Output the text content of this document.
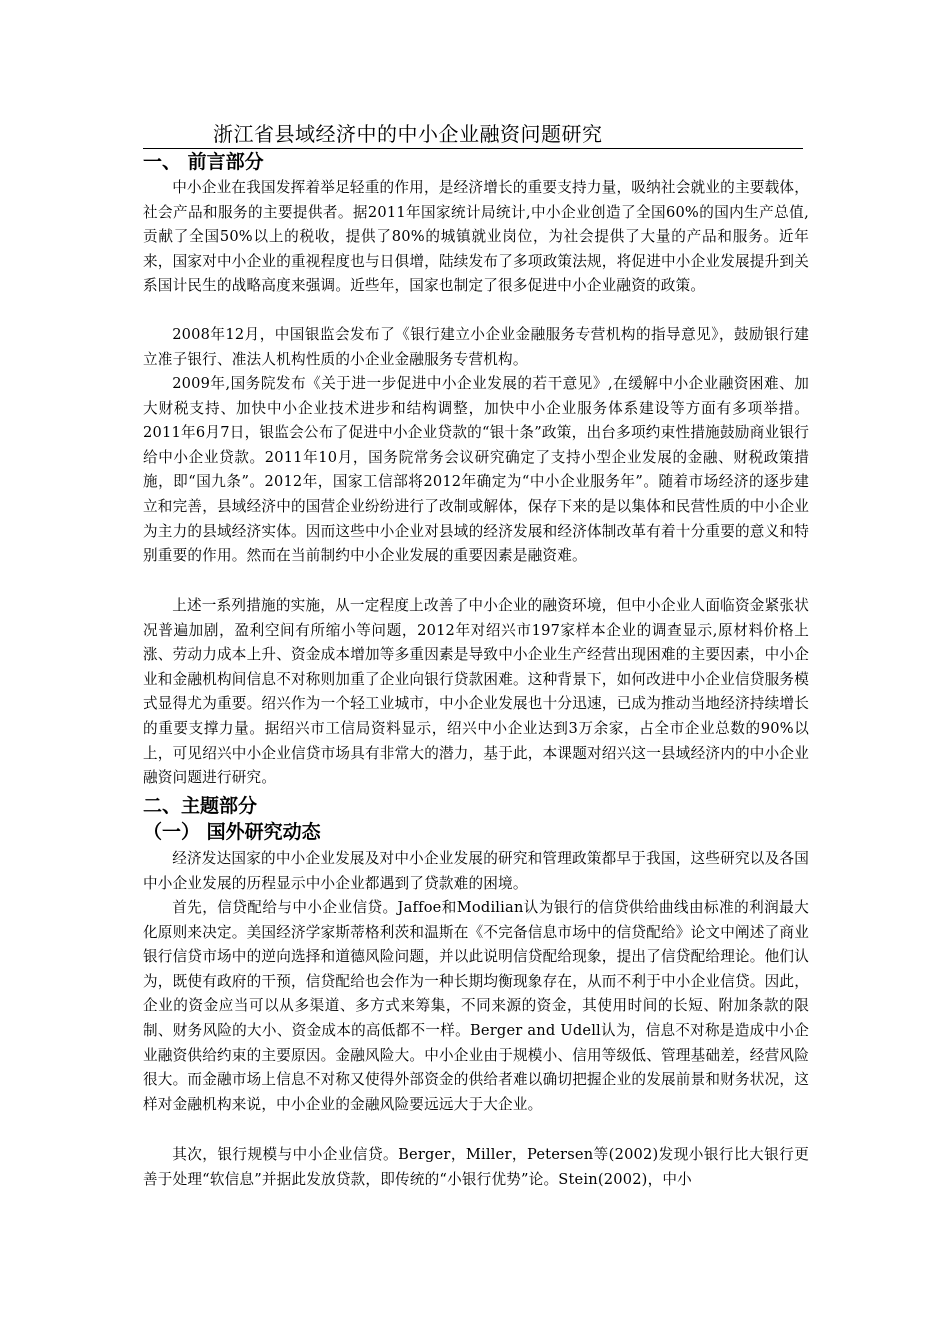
浙江省县域经济中的中小企业融资问题研究
一、 前言部分

中小企业在我国发挥着举足轻重的作用，是经济增长的重要支持力量，吸纳社会就业的主要载体，社会产品和服务的主要提供者。据2011年国家统计局统计,中小企业创造了全国60%的国内生产总值,贡献了全国50%以上的税收，提供了80%的城镇就业岗位，为社会提供了大量的产品和服务。近年来，国家对中小企业的重视程度也与日俱增，陆续发布了多项政策法规，将促进中小企业发展提升到关系国计民生的战略高度来强调。近些年，国家也制定了很多促进中小企业融资的政策。

2008年12月，中国银监会发布了《银行建立小企业金融服务专营机构的指导意见》，鼓励银行建立准子银行、准法人机构性质的小企业金融服务专营机构。

2009年,国务院发布《关于进一步促进中小企业发展的若干意见》,在缓解中小企业融资困难、加大财税支持、加快中小企业技术进步和结构调整，加快中小企业服务体系建设等方面有多项举措。2011年6月7日，银监会公布了促进中小企业贷款的“银十条”政策，出台多项约束性措施鼓励商业银行给中小企业贷款。2011年10月，国务院常务会议研究确定了支持小型企业发展的金融、财税政策措施，即“国九条”。2012年，国家工信部将2012年确定为“中小企业服务年”。随着市场经济的逐步建立和完善，县域经济中的国营企业纷纷进行了改制或解体，保存下来的是以集体和民营性质的中小企业为主力的县域经济实体。因而这些中小企业对县域的经济发展和经济体制改革有着十分重要的意义和特别重要的作用。然而在当前制约中小企业发展的重要因素是融资难。

上述一系列措施的实施，从一定程度上改善了中小企业的融资环境，但中小企业人面临资金紧张状况普遍加剧，盈利空间有所缩小等问题，2012年对绍兴市197家样本企业的调查显示,原材料价格上涨、劳动力成本上升、资金成本增加等多重因素是导致中小企业生产经营出现困难的主要因素，中小企业和金融机构间信息不对称则加重了企业向银行贷款困难。这种背景下，如何改进中小企业信贷服务模式显得尤为重要。绍兴作为一个轻工业城市，中小企业发展也十分迅速，已成为推动当地经济持续增长的重要支撑力量。据绍兴市工信局资料显示，绍兴中小企业达到3万余家，占全市企业总数的90%以上，可见绍兴中小企业信贷市场具有非常大的潜力，基于此，本课题对绍兴这一县域经济内的中小企业融资问题进行研究。

二、主题部分
（一） 国外研究动态

经济发达国家的中小企业发展及对中小企业发展的研究和管理政策都早于我国，这些研究以及各国中小企业发展的历程显示中小企业都遇到了贷款难的困境。

首先，信贷配给与中小企业信贷。Jaffoe和Modilian认为银行的信贷供给曲线由标准的利润最大化原则来决定。美国经济学家斯蒂格利茨和温斯在《不完备信息市场中的信贷配给》论文中阐述了商业银行信贷市场中的逆向选择和道德风险问题，并以此说明信贷配给现象，提出了信贷配给理论。他们认为，既使有政府的干预，信贷配给也会作为一种长期均衡现象存在，从而不利于中小企业信贷。因此，企业的资金应当可以从多渠道、多方式来筹集，不同来源的资金，其使用时间的长短、附加条款的限制、财务风险的大小、资金成本的高低都不一样。Berger and Udell认为，信息不对称是造成中小企业融资供给约束的主要原因。金融风险大。中小企业由于规模小、信用等级低、管理基础差，经营风险很大。而金融市场上信息不对称又使得外部资金的供给者难以确切把握企业的发展前景和财务状况，这样对金融机构来说，中小企业的金融风险要远远大于大企业。

其次，银行规模与中小企业信贷。Berger，Miller，Petersen等(2002)发现小银行比大银行更善于处理“软信息”并据此发放贷款，即传统的“小银行优势”论。Stein(2002)，中小
